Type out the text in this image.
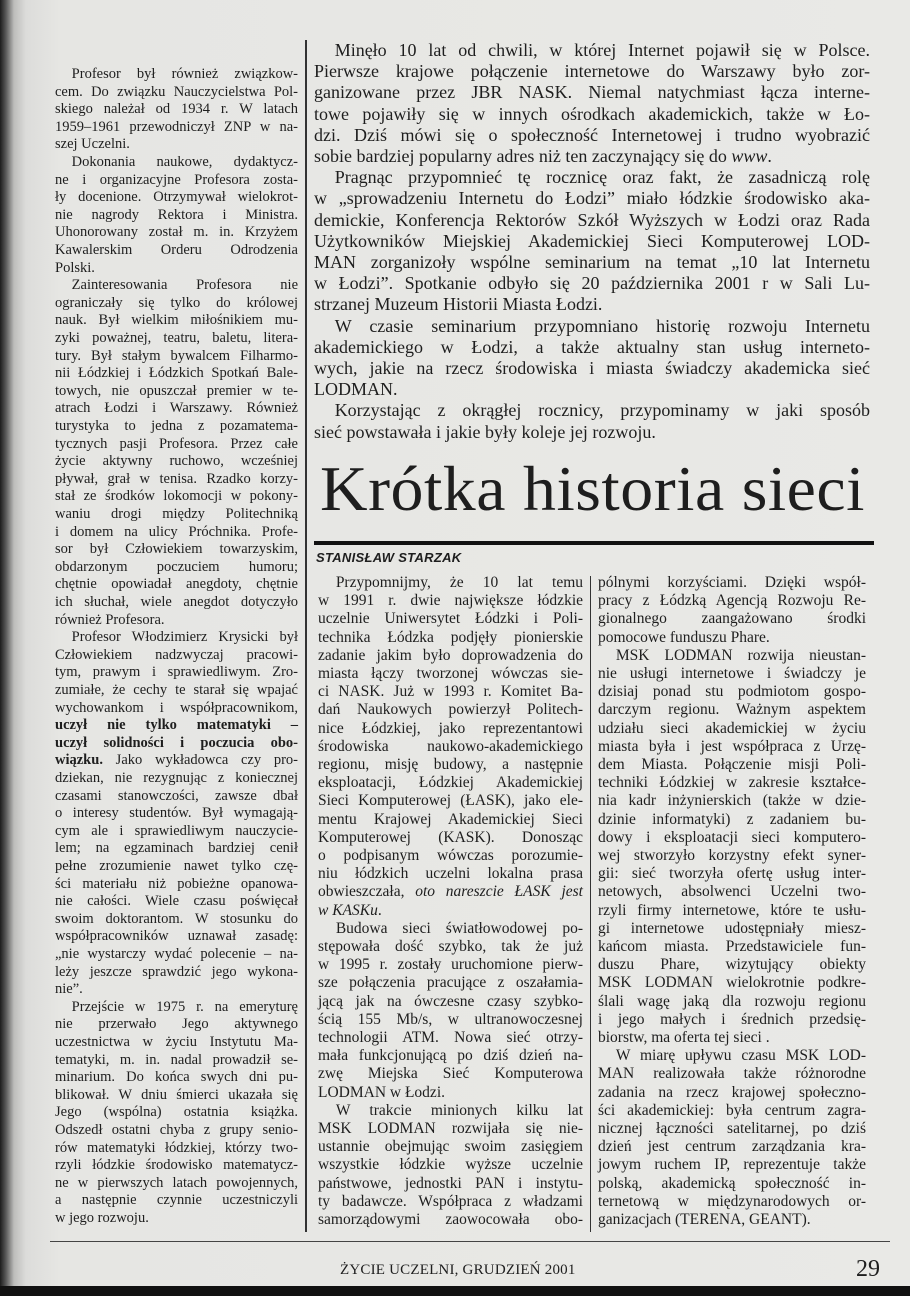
Profesor był również związkow-
cem. Do związku Nauczycielstwa Pol-
skiego należał od 1934 r. W latach
1959–1961 przewodniczył ZNP w na-
szej Uczelni.
Dokonania naukowe, dydaktycz-
ne i organizacyjne Profesora zosta-
ły docenione. Otrzymywał wielokrot-
nie nagrody Rektora i Ministra.
Uhonorowany został m. in. Krzyżem
Kawalerskim Orderu Odrodzenia
Polski.
Zainteresowania Profesora nie
ograniczały się tylko do królowej
nauk. Był wielkim miłośnikiem mu-
zyki poważnej, teatru, baletu, litera-
tury. Był stałym bywalcem Filharmo-
nii Łódzkiej i Łódzkich Spotkań Bale-
towych, nie opuszczał premier w te-
atrach Łodzi i Warszawy. Również
turystyka to jedna z pozamatema-
tycznych pasji Profesora. Przez całe
życie aktywny ruchowo, wcześniej
pływał, grał w tenisa. Rzadko korzy-
stał ze środków lokomocji w pokony-
waniu drogi między Politechniką
i domem na ulicy Próchnika. Profe-
sor był Człowiekiem towarzyskim,
obdarzonym poczuciem humoru;
chętnie opowiadał anegdoty, chętnie
ich słuchał, wiele anegdot dotyczyło
również Profesora.
Profesor Włodzimierz Krysicki był
Człowiekiem nadzwyczaj pracowi-
tym, prawym i sprawiedliwym. Zro-
zumiałe, że cechy te starał się wpajać
wychowankom i współpracownikom,
uczył nie tylko matematyki –
uczył solidności i poczucia obo-
wiązku. Jako wykładowca czy pro-
dziekan, nie rezygnując z koniecznej
czasami stanowczości, zawsze dbał
o interesy studentów. Był wymagają-
cym ale i sprawiedliwym nauczycie-
lem; na egzaminach bardziej cenił
pełne zrozumienie nawet tylko czę-
ści materiału niż pobieżne opanowa-
nie całości. Wiele czasu poświęcał
swoim doktorantom. W stosunku do
współpracowników uznawał zasadę:
„nie wystarczy wydać polecenie – na-
leży jeszcze sprawdzić jego wykona-
nie”.
Przejście w 1975 r. na emeryturę
nie przerwało Jego aktywnego
uczestnictwa w życiu Instytutu Ma-
tematyki, m. in. nadal prowadził se-
minarium. Do końca swych dni pu-
blikował. W dniu śmierci ukazała się
Jego (wspólna) ostatnia książka.
Odszedł ostatni chyba z grupy senio-
rów matematyki łódzkiej, którzy two-
rzyli łódzkie środowisko matematycz-
ne w pierwszych latach powojennych,
a następnie czynnie uczestniczyli
w jego rozwoju.
Minęło 10 lat od chwili, w której Internet pojawił się w Polsce.
Pierwsze krajowe połączenie internetowe do Warszawy było zor-
ganizowane przez JBR NASK. Niemal natychmiast łącza interne-
towe pojawiły się w innych ośrodkach akademickich, także w Ło-
dzi. Dziś mówi się o społeczność Internetowej i trudno wyobrazić
sobie bardziej popularny adres niż ten zaczynający się do www.
Pragnąc przypomnieć tę rocznicę oraz fakt, że zasadniczą rolę
w „sprowadzeniu Internetu do Łodzi” miało łódzkie środowisko aka-
demickie, Konferencja Rektorów Szkół Wyższych w Łodzi oraz Rada
Użytkowników Miejskiej Akademickiej Sieci Komputerowej LOD-
MAN zorganizoły wspólne seminarium na temat „10 lat Internetu
w Łodzi”. Spotkanie odbyło się 20 października 2001 r w Sali Lu-
strzanej Muzeum Historii Miasta Łodzi.
W czasie seminarium przypomniano historię rozwoju Internetu
akademickiego w Łodzi, a także aktualny stan usług interneto-
wych, jakie na rzecz środowiska i miasta świadczy akademicka sieć
LODMAN.
Korzystając z okrągłej rocznicy, przypominamy w jaki sposób
sieć powstawała i jakie były koleje jej rozwoju.
Krótka historia sieci
STANISŁAW STARZAK
Przypomnijmy, że 10 lat temu
w 1991 r. dwie największe łódzkie
uczelnie Uniwersytet Łódzki i Poli-
technika Łódzka podjęły pionierskie
zadanie jakim było doprowadzenia do
miasta łączy tworzonej wówczas sie-
ci NASK. Już w 1993 r. Komitet Ba-
dań Naukowych powierzył Politech-
nice Łódzkiej, jako reprezentantowi
środowiska naukowo-akademickiego
regionu, misję budowy, a następnie
eksploatacji, Łódzkiej Akademickiej
Sieci Komputerowej (ŁASK), jako ele-
mentu Krajowej Akademickiej Sieci
Komputerowej (KASK). Donosząc
o podpisanym wówczas porozumie-
niu łódzkich uczelni lokalna prasa
obwieszczała, oto nareszcie ŁASK jest
w KASKu.
Budowa sieci światłowodowej po-
stępowała dość szybko, tak że już
w 1995 r. zostały uruchomione pierw-
sze połączenia pracujące z oszałamia-
jącą jak na ówczesne czasy szybko-
ścią 155 Mb/s, w ultranowoczesnej
technologii ATM. Nowa sieć otrzy-
mała funkcjonującą po dziś dzień na-
zwę Miejska Sieć Komputerowa
LODMAN w Łodzi.
W trakcie minionych kilku lat
MSK LODMAN rozwijała się nie-
ustannie obejmując swoim zasięgiem
wszystkie łódzkie wyższe uczelnie
państwowe, jednostki PAN i instytu-
ty badawcze. Współpraca z władzami
samorządowymi zaowocowała obo-
pólnymi korzyściami. Dzięki współ-
pracy z Łódzką Agencją Rozwoju Re-
gionalnego zaangażowano środki
pomocowe funduszu Phare.
MSK LODMAN rozwija nieustan-
nie usługi internetowe i świadczy je
dzisiaj ponad stu podmiotom gospo-
darczym regionu. Ważnym aspektem
udziału sieci akademickiej w życiu
miasta była i jest współpraca z Urzę-
dem Miasta. Połączenie misji Poli-
techniki Łódzkiej w zakresie kształce-
nia kadr inżynierskich (także w dzie-
dzinie informatyki) z zadaniem bu-
dowy i eksploatacji sieci komputero-
wej stworzyło korzystny efekt syner-
gii: sieć tworzyła ofertę usług inter-
netowych, absolwenci Uczelni two-
rzyli firmy internetowe, które te usłu-
gi internetowe udostępniały miesz-
kańcom miasta. Przedstawiciele fun-
duszu Phare, wizytujący obiekty
MSK LODMAN wielokrotnie podkre-
ślali wagę jaką dla rozwoju regionu
i jego małych i średnich przedsię-
biorstw, ma oferta tej sieci .
W miarę upływu czasu MSK LOD-
MAN realizowała także różnorodne
zadania na rzecz krajowej społeczno-
ści akademickiej: była centrum zagra-
nicznej łączności satelitarnej, po dziś
dzień jest centrum zarządzania kra-
jowym ruchem IP, reprezentuje także
polską, akademicką społeczność in-
ternetową w międzynarodowych or-
ganizacjach (TERENA, GEANT).
ŻYCIE UCZELNI, GRUDZIEŃ 2001	29
